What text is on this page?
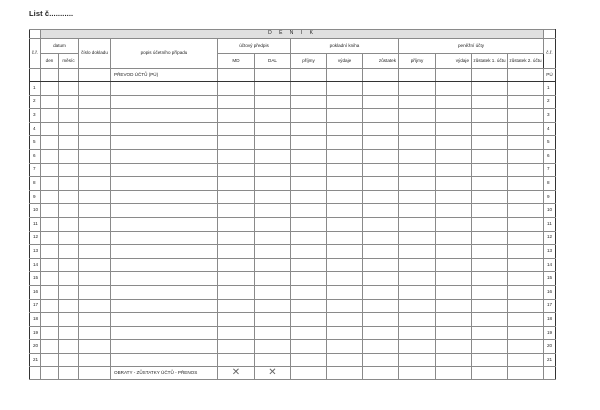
List č...........
	D E N I K													
č.ř.	datum		číslo dokladu	popis účetního případu	účtový předpis		pokladní kniha			peněžní účty				č.ř.
	den	měsíc			MD	DAL	příjmy	výdaje	zůstatek	příjmy	výdaje	zůstatek 1. účtu	zůstatek 2. účtu	
				PŘEVOD ÚČTŮ (PÚ)										PÚ
1														1
2														2
3														3
4														4
5														5
6														6
7														7
8														8
9														9
10														10
11														11
12														12
13														13
14														14
15														15
16														16
17														17
18														18
19														19
20														20
21														21
				OBRATY - ZŮSTATKY ÚČTŮ - PŘENOS	✕	✕								
